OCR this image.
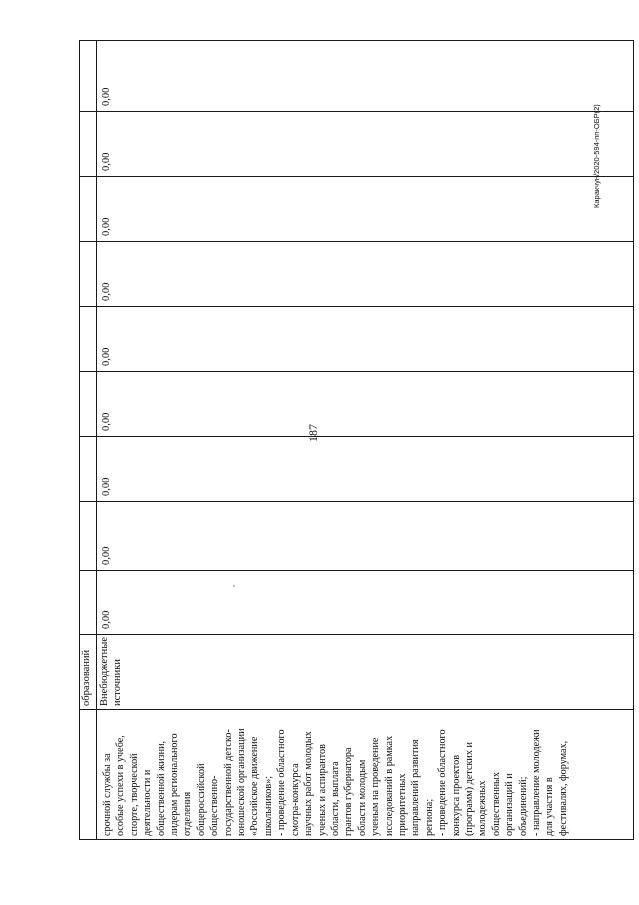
срочной службы за
особые успехи в учебе,
спорте, творческой
деятельности и
общественной жизни,
лидерам регионального
отделения
общероссийской
общественно-
государственной детско-
юношеской организации
«Российское движение
школьников»;
- проведение областного
смотра-конкурса
научных работ молодых
ученых и аспирантов
области, выплата
грантов губернатора
области молодым
ученым на проведение
исследований в рамках
приоритетных
направлений развития
региона;
- проведение областного
конкурса проектов
(программ) детских и
молодежных
общественных
организаций и
объединений;
- направление молодежи
для участия в
фестивалях, форумах,
образований Внебюджетные
источники
0,00
0,00
0,00
0,00
0,00
0,00
0,00
0,00
0,00
187
Каракчун/2020-594-пп-ОБР(2)
